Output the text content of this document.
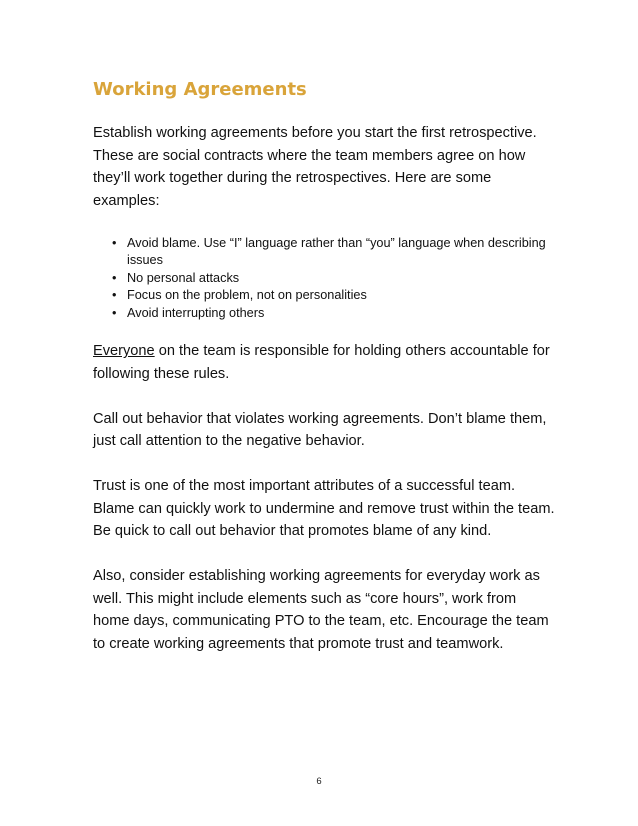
Working Agreements

Establish working agreements before you start the first retrospective. These are social contracts where the team members agree on how they’ll work together during the retrospectives. Here are some examples:

• Avoid blame. Use “I” language rather than “you” language when describing issues
• No personal attacks
• Focus on the problem, not on personalities
• Avoid interrupting others

Everyone on the team is responsible for holding others accountable for following these rules.

Call out behavior that violates working agreements. Don’t blame them, just call attention to the negative behavior.

Trust is one of the most important attributes of a successful team. Blame can quickly work to undermine and remove trust within the team. Be quick to call out behavior that promotes blame of any kind.

Also, consider establishing working agreements for everyday work as well. This might include elements such as “core hours”, work from home days, communicating PTO to the team, etc. Encourage the team to create working agreements that promote trust and teamwork.

6
